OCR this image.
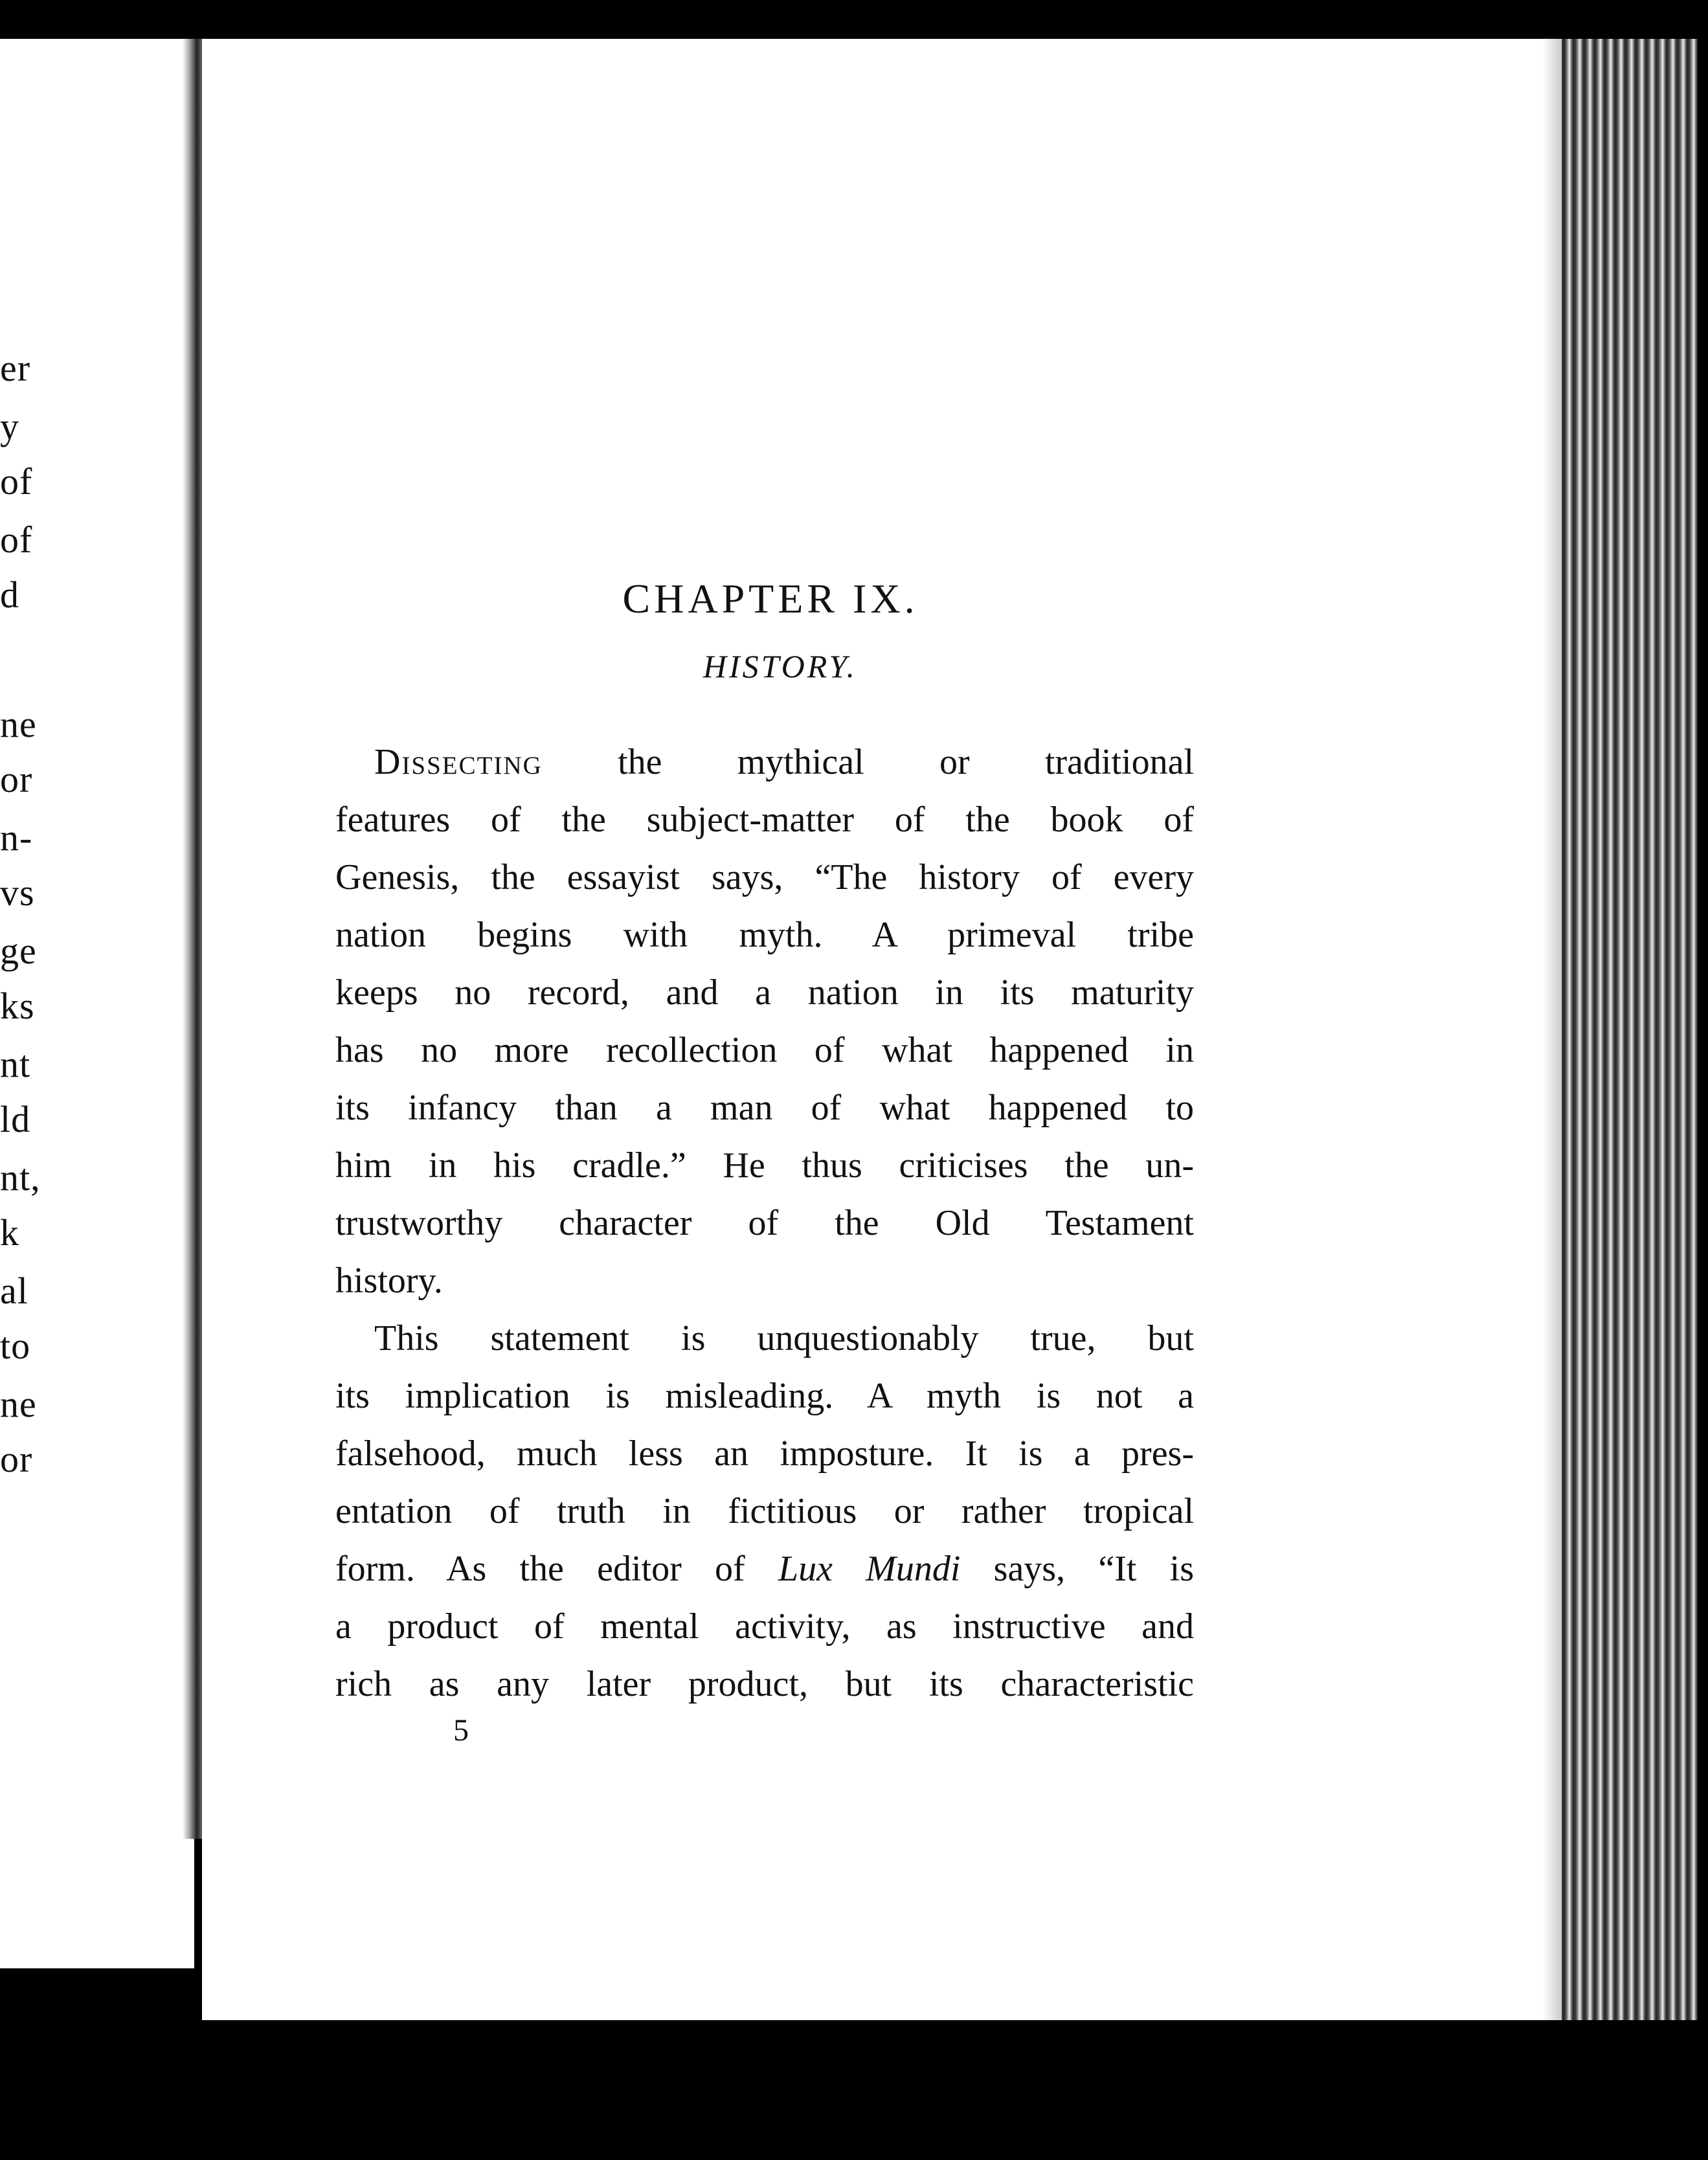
er
y
of
of
d
ne
or
n-
vs
ge
ks
nt
ld
nt,
k
al
to
ne
or
CHAPTER IX.
HISTORY.
Dissecting the mythical or traditional
features of the subject-matter of the book of
Genesis, the essayist says, “The history of every
nation begins with myth. A primeval tribe
keeps no record, and a nation in its maturity
has no more recollection of what happened in
its infancy than a man of what happened to
him in his cradle.” He thus criticises the un-
trustworthy character of the Old Testament
history.
This statement is unquestionably true, but
its implication is misleading. A myth is not a
falsehood, much less an imposture. It is a pres-
entation of truth in fictitious or rather tropical
form. As the editor of Lux Mundi says, “It is
a product of mental activity, as instructive and
rich as any later product, but its characteristic
5
